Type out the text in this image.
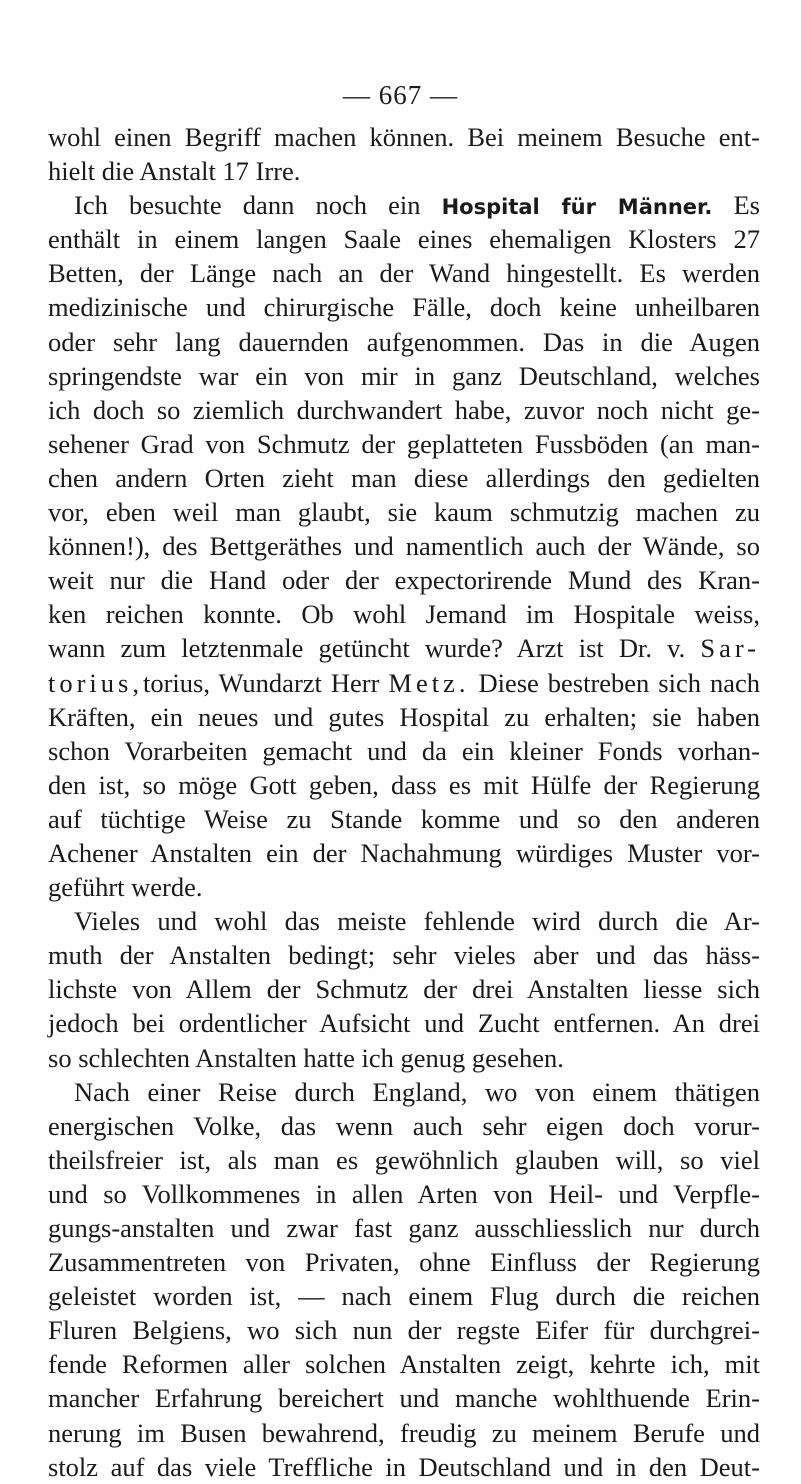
— 667 —
wohl einen Begriff machen können. Bei meinem Besuche ent-
hielt die Anstalt 17 Irre.
Ich besuchte dann noch ein Hospital für Männer. Es
enthält in einem langen Saale eines ehemaligen Klosters 27
Betten, der Länge nach an der Wand hingestellt. Es werden
medizinische und chirurgische Fälle, doch keine unheilbaren
oder sehr lang dauernden aufgenommen. Das in die Augen
springendste war ein von mir in ganz Deutschland, welches
ich doch so ziemlich durchwandert habe, zuvor noch nicht ge-
sehener Grad von Schmutz der geplatteten Fussböden (an man-
chen andern Orten zieht man diese allerdings den gedielten
vor, eben weil man glaubt, sie kaum schmutzig machen zu
können!), des Bettgeräthes und namentlich auch der Wände, so
weit nur die Hand oder der expectorirende Mund des Kran-
ken reichen konnte. Ob wohl Jemand im Hospitale weiss,
wann zum letztenmale getüncht wurde? Arzt ist Dr. v. Sar-
torius,torius, Wundarzt Herr Metz. Diese bestreben sich nach
Kräften, ein neues und gutes Hospital zu erhalten; sie haben
schon Vorarbeiten gemacht und da ein kleiner Fonds vorhan-
den ist, so möge Gott geben, dass es mit Hülfe der Regierung
auf tüchtige Weise zu Stande komme und so den anderen
Achener Anstalten ein der Nachahmung würdiges Muster vor-
geführt werde.
Vieles und wohl das meiste fehlende wird durch die Ar-
muth der Anstalten bedingt; sehr vieles aber und das häss-
lichste von Allem der Schmutz der drei Anstalten liesse sich
jedoch bei ordentlicher Aufsicht und Zucht entfernen. An drei
so schlechten Anstalten hatte ich genug gesehen.
Nach einer Reise durch England, wo von einem thätigen
energischen Volke, das wenn auch sehr eigen doch vorur-
theilsfreier ist, als man es gewöhnlich glauben will, so viel
und so Vollkommenes in allen Arten von Heil- und Verpfle-
gungs-anstalten und zwar fast ganz ausschliesslich nur durch
Zusammentreten von Privaten, ohne Einfluss der Regierung
geleistet worden ist, — nach einem Flug durch die reichen
Fluren Belgiens, wo sich nun der regste Eifer für durchgrei-
fende Reformen aller solchen Anstalten zeigt, kehrte ich, mit
mancher Erfahrung bereichert und manche wohlthuende Erin-
nerung im Busen bewahrend, freudig zu meinem Berufe und
stolz auf das viele Treffliche in Deutschland und in den Deut-
